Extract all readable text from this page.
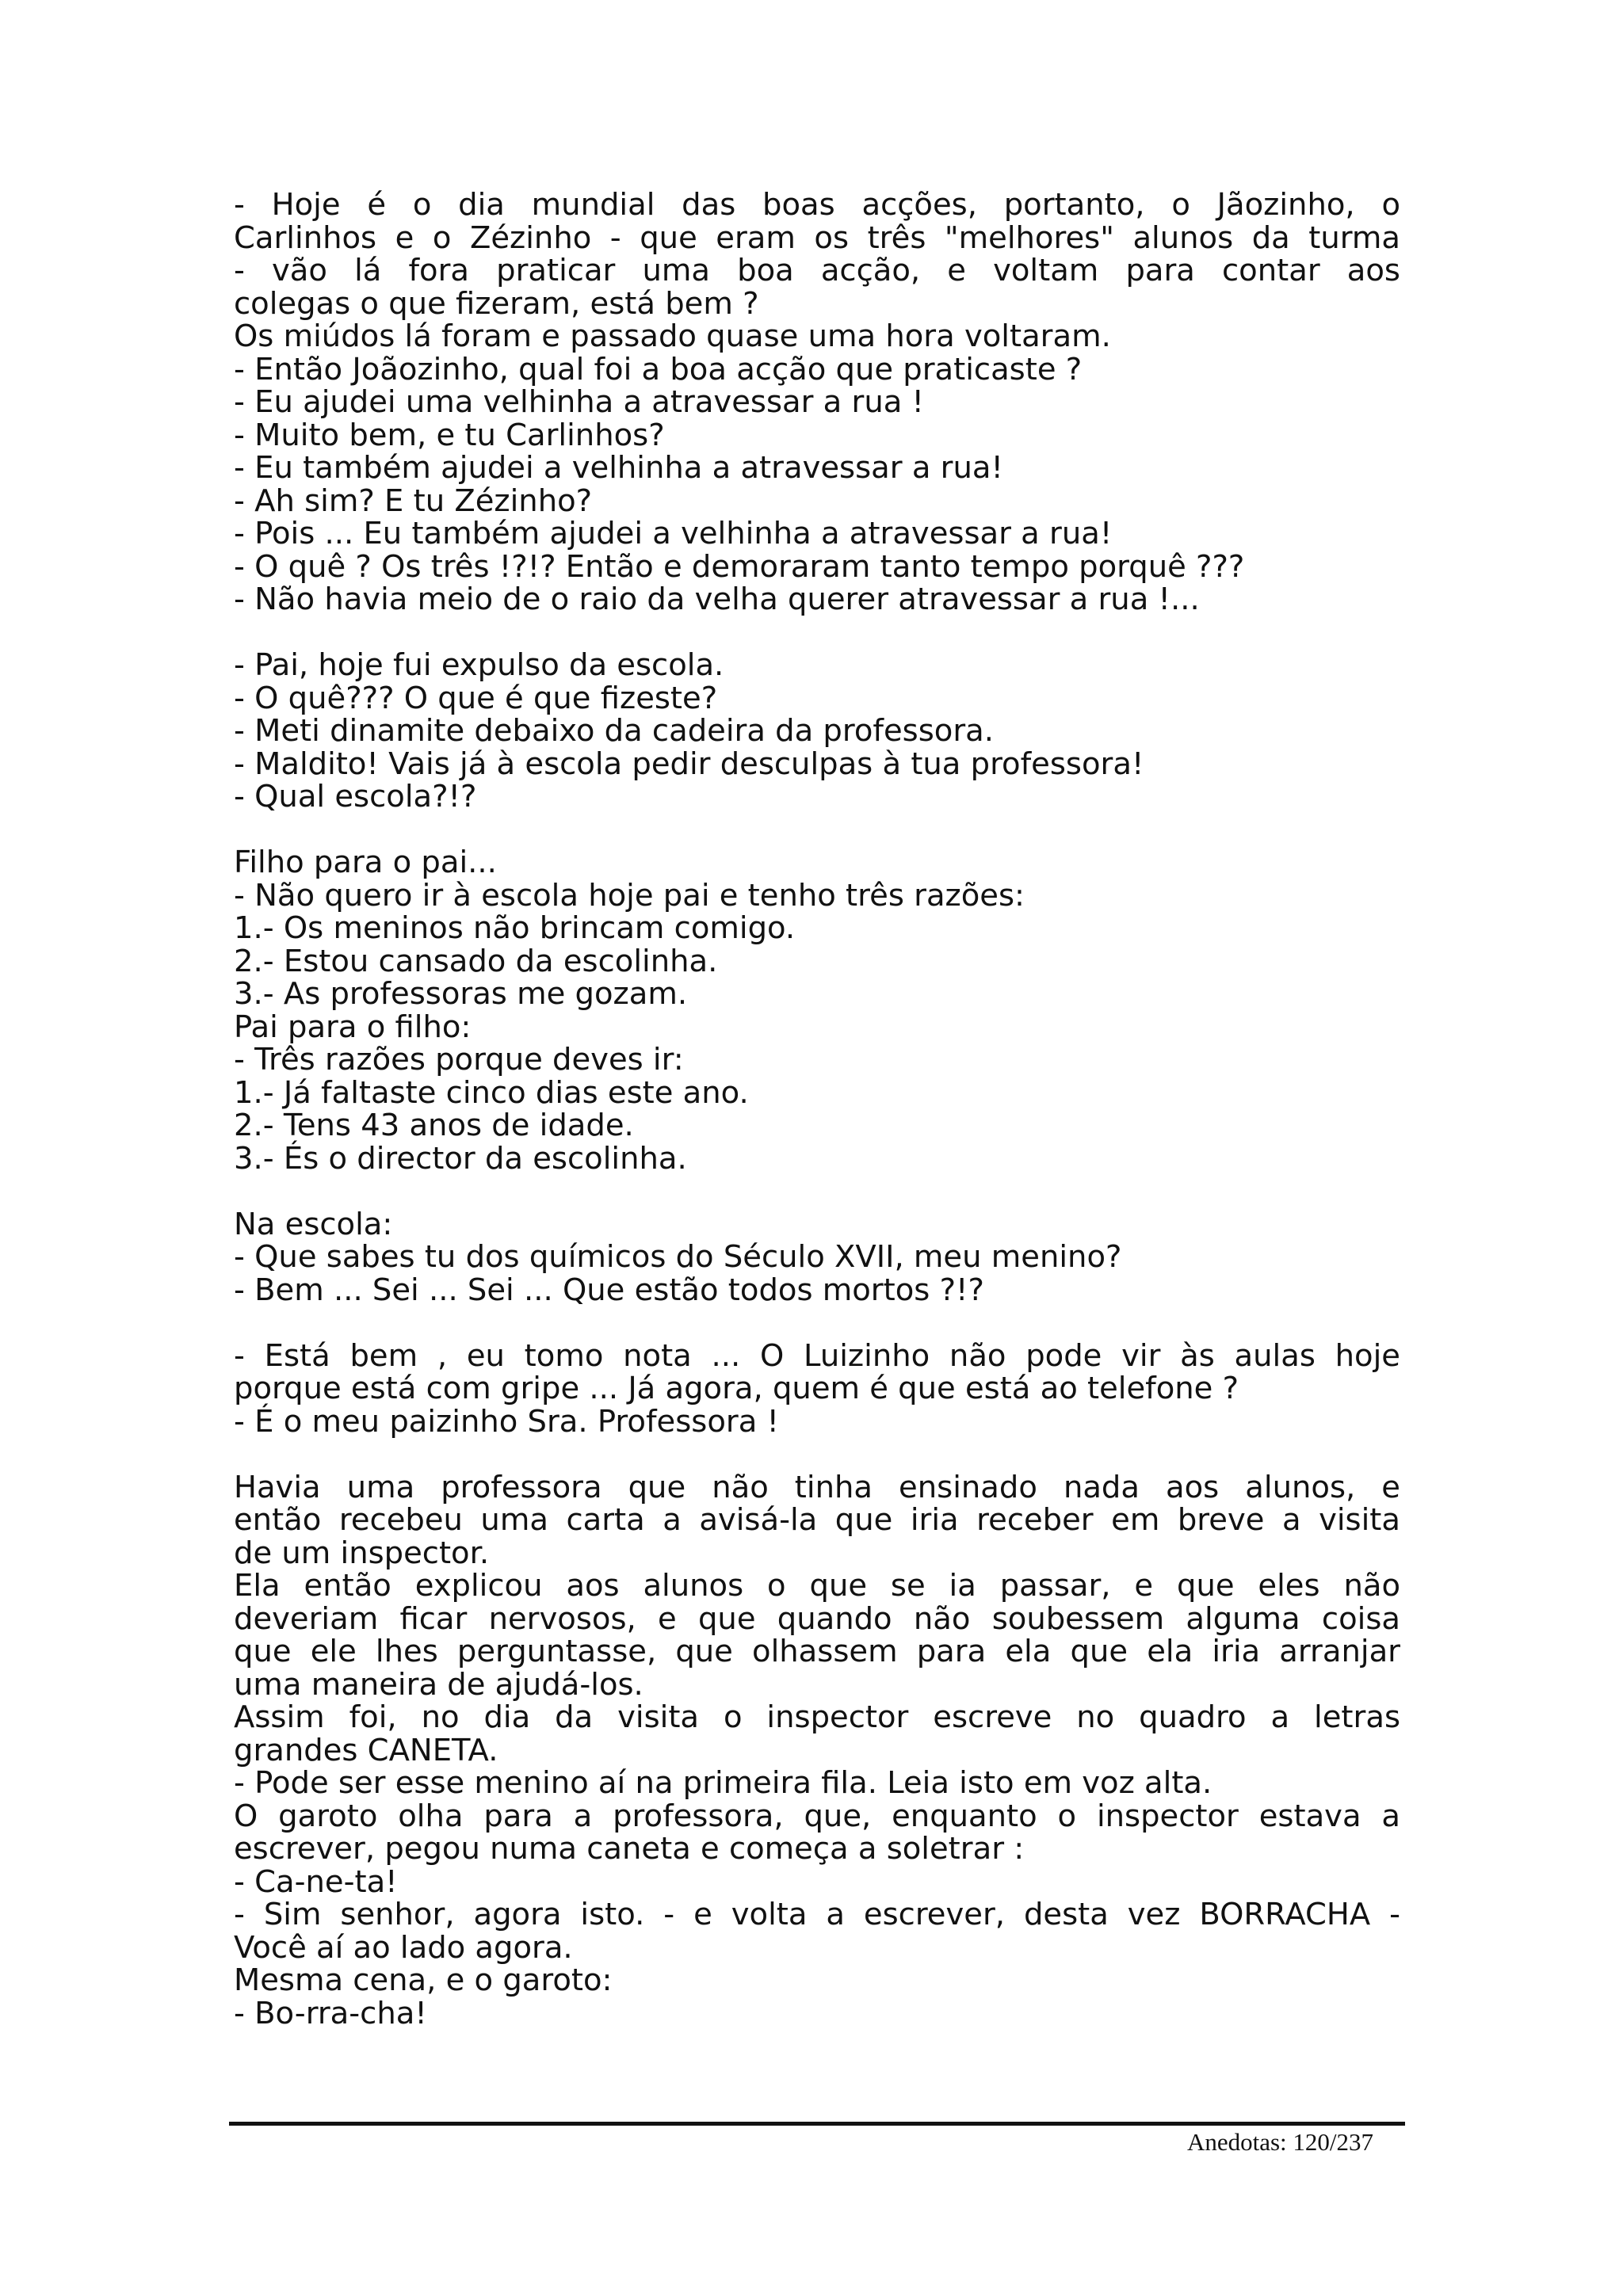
- Hoje é o dia mundial das boas acções, portanto, o Jãozinho, o
Carlinhos e o Zézinho - que eram os três "melhores" alunos da turma
- vão lá fora praticar uma boa acção, e voltam para contar aos
colegas o que fizeram, está bem ?
Os miúdos lá foram e passado quase uma hora voltaram.
- Então Joãozinho, qual foi a boa acção que praticaste ?
- Eu ajudei uma velhinha a atravessar a rua !
- Muito bem, e tu Carlinhos?
- Eu também ajudei a velhinha a atravessar a rua!
- Ah sim? E tu Zézinho?
- Pois ... Eu também ajudei a velhinha a atravessar a rua!
- O quê ? Os três !?!? Então e demoraram tanto tempo porquê ???
- Não havia meio de o raio da velha querer atravessar a rua !...
- Pai, hoje fui expulso da escola.
- O quê??? O que é que fizeste?
- Meti dinamite debaixo da cadeira da professora.
- Maldito! Vais já à escola pedir desculpas à tua professora!
- Qual escola?!?
Filho para o pai...
- Não quero ir à escola hoje pai e tenho três razões:
1.- Os meninos não brincam comigo.
2.- Estou cansado da escolinha.
3.- As professoras me gozam.
Pai para o filho:
- Três razões porque deves ir:
1.- Já faltaste cinco dias este ano.
2.- Tens 43 anos de idade.
3.- És o director da escolinha.
Na escola:
- Que sabes tu dos químicos do Século XVII, meu menino?
- Bem ... Sei ... Sei ... Que estão todos mortos ?!?
- Está bem , eu tomo nota ... O Luizinho não pode vir às aulas hoje
porque está com gripe ... Já agora, quem é que está ao telefone ?
- É o meu paizinho Sra. Professora !
Havia uma professora que não tinha ensinado nada aos alunos, e
então recebeu uma carta a avisá-la que iria receber em breve a visita
de um inspector.
Ela então explicou aos alunos o que se ia passar, e que eles não
deveriam ficar nervosos, e que quando não soubessem alguma coisa
que ele lhes perguntasse, que olhassem para ela que ela iria arranjar
uma maneira de ajudá-los.
Assim foi, no dia da visita o inspector escreve no quadro a letras
grandes CANETA.
- Pode ser esse menino aí na primeira fila. Leia isto em voz alta.
O garoto olha para a professora, que, enquanto o inspector estava a
escrever, pegou numa caneta e começa a soletrar :
- Ca-ne-ta!
- Sim senhor, agora isto. - e volta a escrever, desta vez BORRACHA -
Você aí ao lado agora.
Mesma cena, e o garoto:
- Bo-rra-cha!
Anedotas: 120/237
